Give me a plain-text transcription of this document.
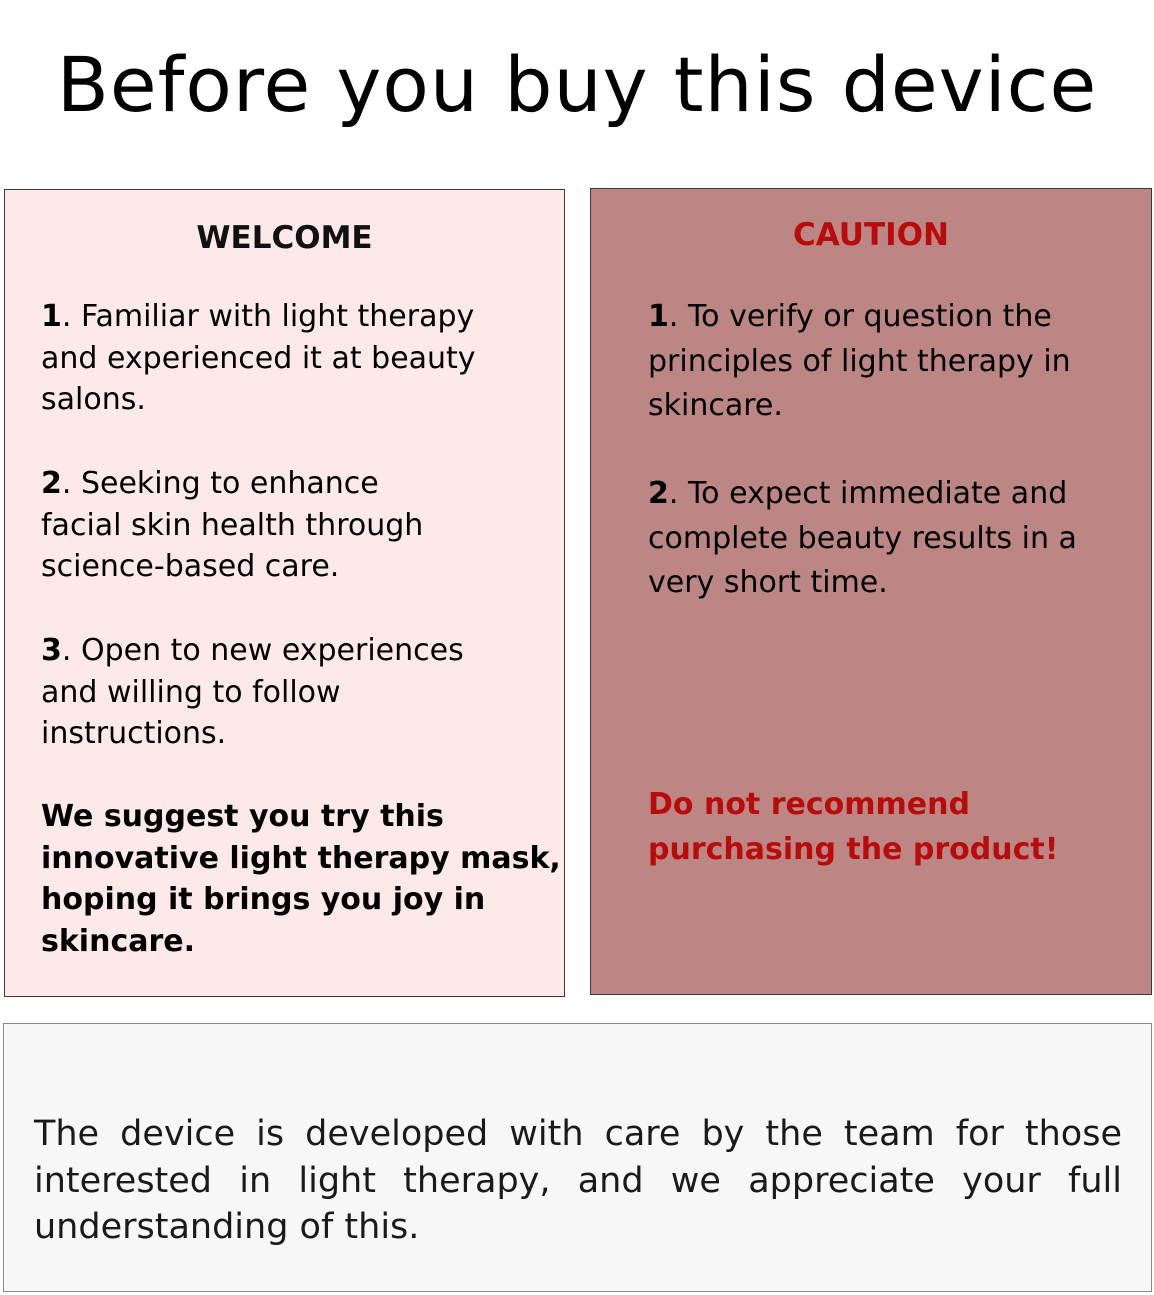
Before you buy this device
WELCOME
1. Familiar with light therapy
and experienced it at beauty
salons.
2. Seeking to enhance
facial skin health through
science-based care.
3. Open to new experiences
and willing to follow
instructions.
We suggest you try this
innovative light therapy mask,
hoping it brings you joy in
skincare.
CAUTION
1. To verify or question the
principles of light therapy in
skincare.
2. To expect immediate and
complete beauty results in a
very short time.
Do not recommend
purchasing the product!

The device is developed with care by the team for those interested in light therapy, and we appreciate your full understanding of this.
